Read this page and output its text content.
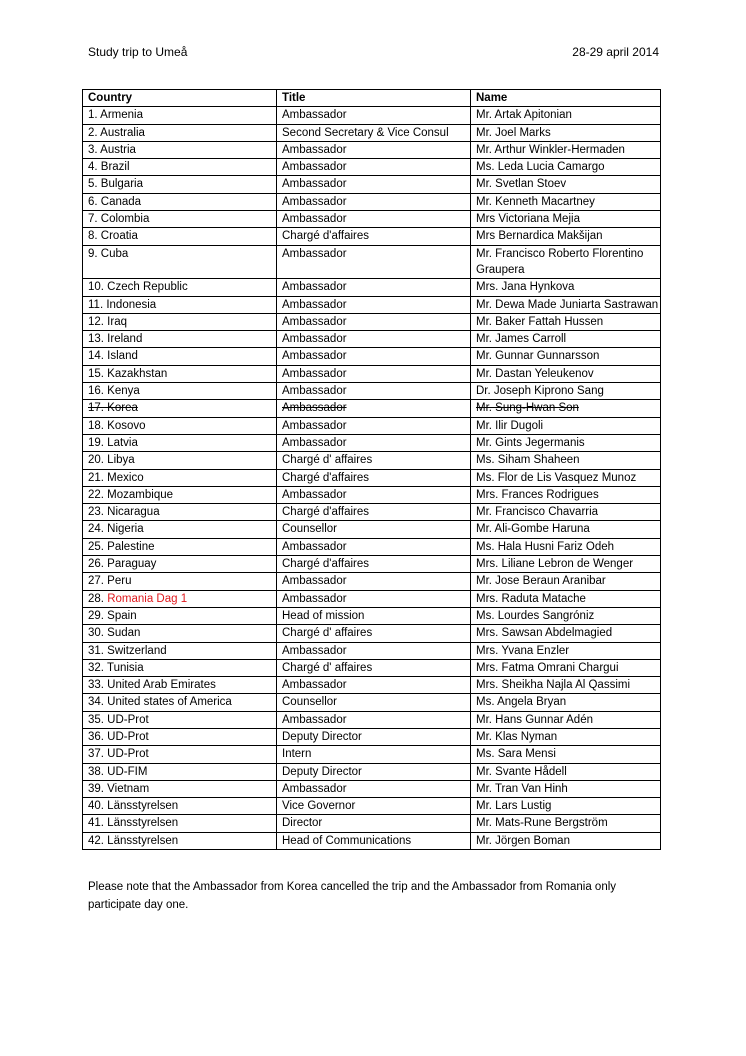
Study trip to Umeå	28-29 april 2014
Country	Title	Name
1. Armenia	Ambassador	Mr. Artak Apitonian
2. Australia	Second Secretary & Vice Consul	Mr. Joel Marks
3. Austria	Ambassador	Mr. Arthur Winkler-Hermaden
4. Brazil	Ambassador	Ms. Leda Lucia Camargo
5. Bulgaria	Ambassador	Mr. Svetlan Stoev
6. Canada	Ambassador	Mr. Kenneth Macartney
7. Colombia	Ambassador	Mrs Victoriana Mejia
8. Croatia	Chargé d'affaires	Mrs Bernardica Makšijan
9. Cuba	Ambassador	Mr. Francisco Roberto Florentino Graupera
10. Czech Republic	Ambassador	Mrs. Jana Hynkova
11. Indonesia	Ambassador	Mr. Dewa Made Juniarta Sastrawan
12. Iraq	Ambassador	Mr. Baker Fattah Hussen
13. Ireland	Ambassador	Mr. James Carroll
14. Island	Ambassador	Mr. Gunnar Gunnarsson
15. Kazakhstan	Ambassador	Mr. Dastan Yeleukenov
16. Kenya	Ambassador	Dr. Joseph Kiprono Sang
17. Korea	Ambassador	Mr. Sung-Hwan Son
18. Kosovo	Ambassador	Mr. Ilir Dugoli
19. Latvia	Ambassador	Mr. Gints Jegermanis
20. Libya	Chargé d' affaires	Ms. Siham Shaheen
21. Mexico	Chargé d'affaires	Ms. Flor de Lis Vasquez Munoz
22. Mozambique	Ambassador	Mrs. Frances Rodrigues
23. Nicaragua	Chargé d'affaires	Mr. Francisco Chavarria
24. Nigeria	Counsellor	Mr. Ali-Gombe Haruna
25. Palestine	Ambassador	Ms. Hala Husni Fariz Odeh
26. Paraguay	Chargé d'affaires	Mrs. Liliane Lebron de Wenger
27. Peru	Ambassador	Mr. Jose Beraun Aranibar
28. Romania Dag 1	Ambassador	Mrs. Raduta Matache
29. Spain	Head of mission	Ms. Lourdes Sangróniz
30. Sudan	Chargé d' affaires	Mrs. Sawsan Abdelmagied
31. Switzerland	Ambassador	Mrs. Yvana Enzler
32. Tunisia	Chargé d' affaires	Mrs. Fatma Omrani Chargui
33. United Arab Emirates	Ambassador	Mrs. Sheikha Najla Al Qassimi
34. United states of America	Counsellor	Ms. Angela Bryan
35. UD-Prot	Ambassador	Mr. Hans Gunnar Adén
36. UD-Prot	Deputy Director	Mr. Klas Nyman
37. UD-Prot	Intern	Ms. Sara Mensi
38. UD-FIM	Deputy Director	Mr. Svante Hådell
39. Vietnam	Ambassador	Mr. Tran Van Hinh
40. Länsstyrelsen	Vice Governor	Mr. Lars Lustig
41. Länsstyrelsen	Director	Mr. Mats-Rune Bergström
42. Länsstyrelsen	Head of Communications	Mr. Jörgen Boman
Please note that the Ambassador from Korea cancelled the trip and the Ambassador from Romania only participate day one.
